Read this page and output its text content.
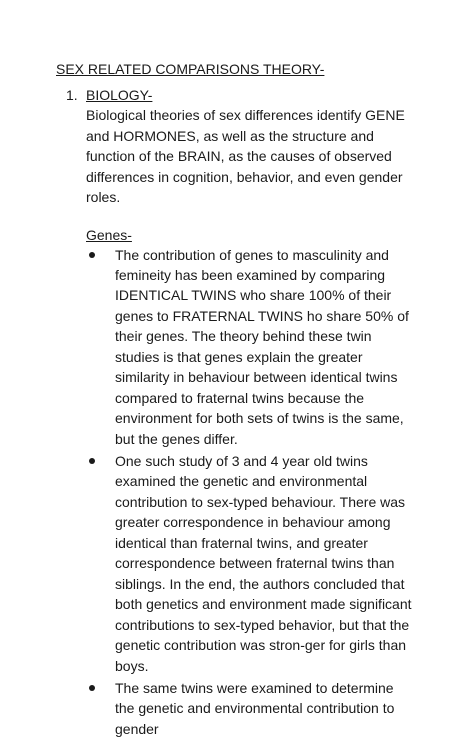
SEX RELATED COMPARISONS THEORY-
1. BIOLOGY-
Biological theories of sex differences identify GENE and HORMONES, as well as the structure and function of the BRAIN, as the causes of observed differences in cognition, behavior, and even gender roles.
Genes-
The contribution of genes to masculinity and femineity has been examined by comparing IDENTICAL TWINS who share 100% of their genes to FRATERNAL TWINS ho share 50% of their genes. The theory behind these twin studies is that genes explain the greater similarity in behaviour between identical twins compared to fraternal twins because the environment for both sets of twins is the same, but the genes differ.
One such study of 3 and 4 year old twins examined the genetic and environmental contribution to sex-typed behaviour. There was greater correspondence in behaviour among identical than fraternal twins, and greater correspondence between fraternal twins than siblings. In the end, the authors concluded that both genetics and environment made significant contributions to sex-typed behavior, but that the genetic contribution was stron-ger for girls than boys.
The same twins were examined to determine the genetic and environmental contribution to gender
